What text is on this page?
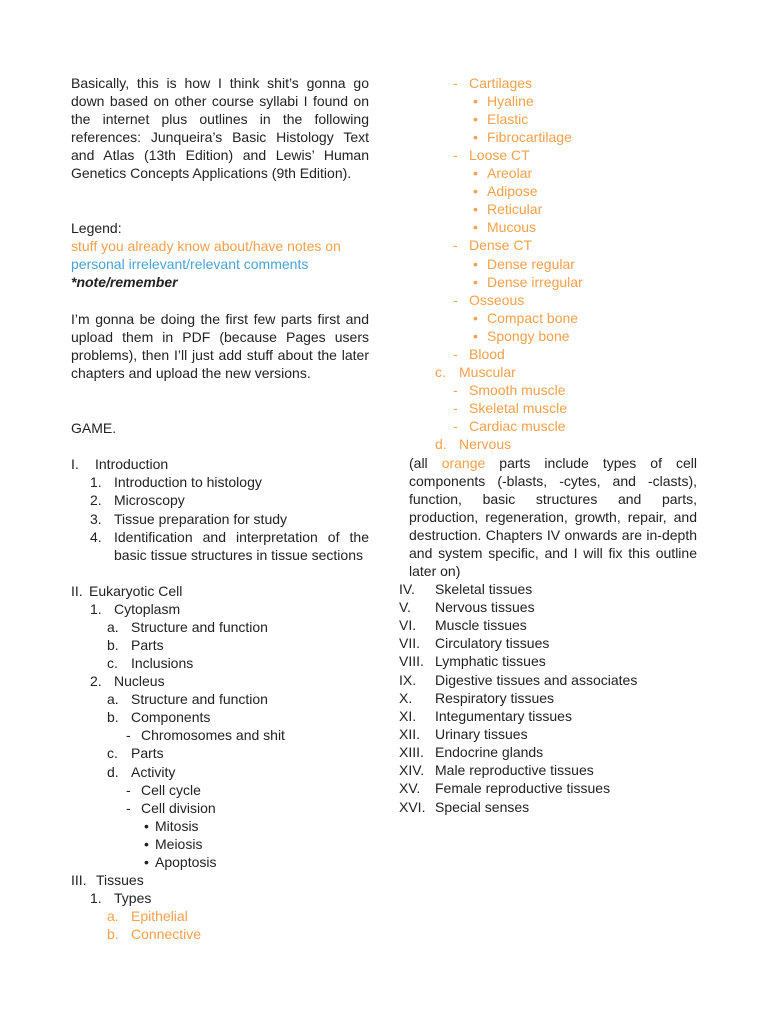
Basically, this is how I think shit’s gonna go down based on other course syllabi I found on the internet plus outlines in the following references: Junqueira’s Basic Histology Text and Atlas (13th Edition) and Lewis’ Human Genetics Concepts Applications (9th Edition).
Legend:
stuff you already know about/have notes on
personal irrelevant/relevant comments
*note/remember
I’m gonna be doing the first few parts first and upload them in PDF (because Pages users problems), then I’ll just add stuff about the later chapters and upload the new versions.
GAME.
I. Introduction
1. Introduction to histology
2. Microscopy
3. Tissue preparation for study
4. Identification and interpretation of the basic tissue structures in tissue sections
II. Eukaryotic Cell
1. Cytoplasm
a. Structure and function
b. Parts
c. Inclusions
2. Nucleus
a. Structure and function
b. Components
- Chromosomes and shit
c. Parts
d. Activity
- Cell cycle
- Cell division
• Mitosis
• Meiosis
• Apoptosis
III. Tissues
1. Types
a. Epithelial
b. Connective
- Cartilages
• Hyaline
• Elastic
• Fibrocartilage
- Loose CT
• Areolar
• Adipose
• Reticular
• Mucous
- Dense CT
• Dense regular
• Dense irregular
- Osseous
• Compact bone
• Spongy bone
- Blood
c. Muscular
- Smooth muscle
- Skeletal muscle
- Cardiac muscle
d. Nervous
(all orange parts include types of cell components (-blasts, -cytes, and -clasts), function, basic structures and parts, production, regeneration, growth, repair, and destruction. Chapters IV onwards are in-depth and system specific, and I will fix this outline later on)
IV. Skeletal tissues
V. Nervous tissues
VI. Muscle tissues
VII. Circulatory tissues
VIII. Lymphatic tissues
IX. Digestive tissues and associates
X. Respiratory tissues
XI. Integumentary tissues
XII. Urinary tissues
XIII. Endocrine glands
XIV. Male reproductive tissues
XV. Female reproductive tissues
XVI. Special senses
